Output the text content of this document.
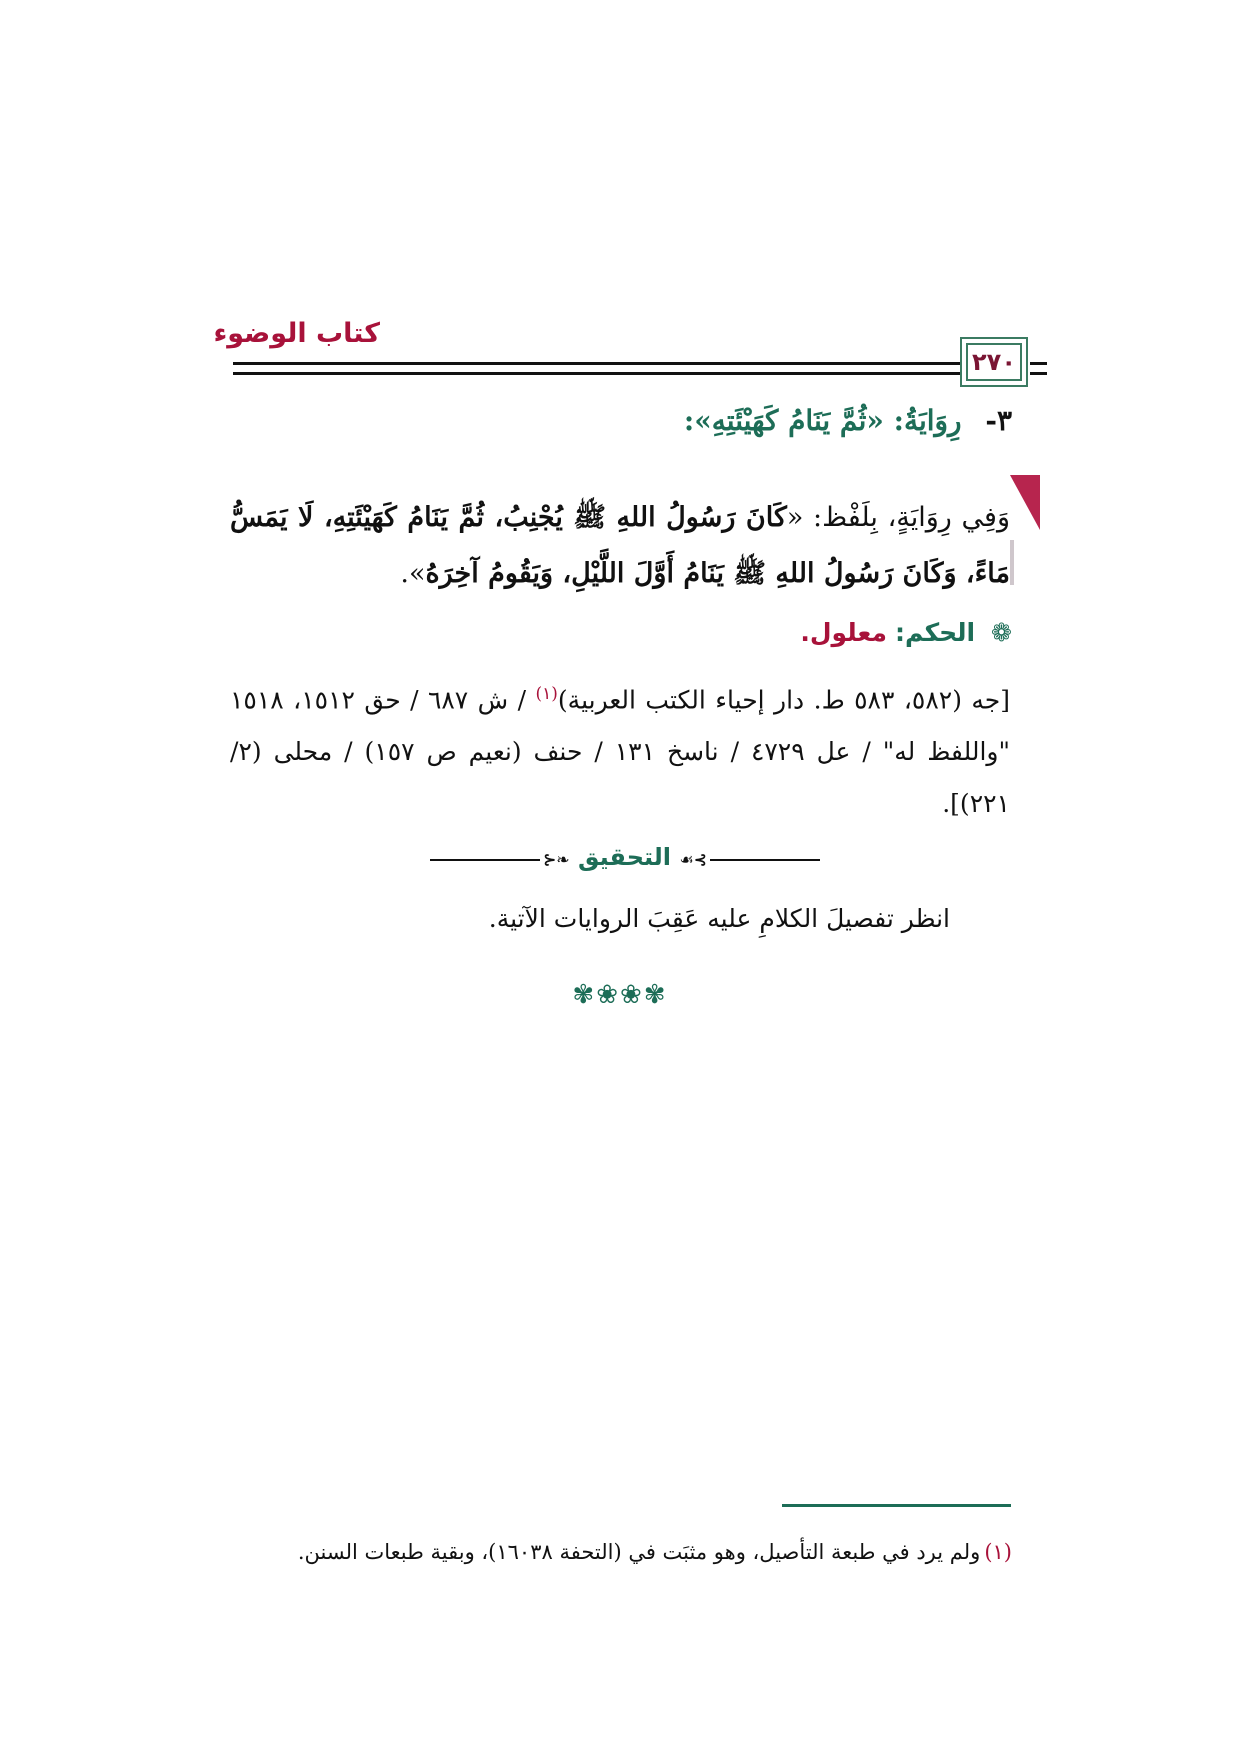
كتاب الوضوء
٢٧٠
٣- رِوَايَةُ: «ثُمَّ يَنَامُ كَهَيْئَتِهِ»:
وَفِي رِوَايَةٍ، بِلَفْظ: «كَانَ رَسُولُ اللهِ ﷺ يُجْنِبُ، ثُمَّ يَنَامُ كَهَيْئَتِهِ، لَا يَمَسُّ مَاءً، وَكَانَ رَسُولُ اللهِ ﷺ يَنَامُ أَوَّلَ اللَّيْلِ، وَيَقُومُ آخِرَهُ».
❁ الحكم: معلول.
[جه (٥٨٢، ٥٨٣ ط. دار إحياء الكتب العربية)$^{(١)}$ / ش ٦٨٧ / حق ١٥١٢، ١٥١٨ "واللفظ له" / عل ٤٧٢٩ / ناسخ ١٣١ / حنف (نعيم ص ١٥٧) / محلى (٢/ ٢٢١)].
⊱☙ التحقيق ❧⊰
انظر تفصيلَ الكلامِ عليه عَقِبَ الروايات الآتية.
✾❀❀✾
(١)ولم يرد في طبعة التأصيل، وهو مثبَت في (التحفة ١٦٠٣٨)، وبقية طبعات السنن.
